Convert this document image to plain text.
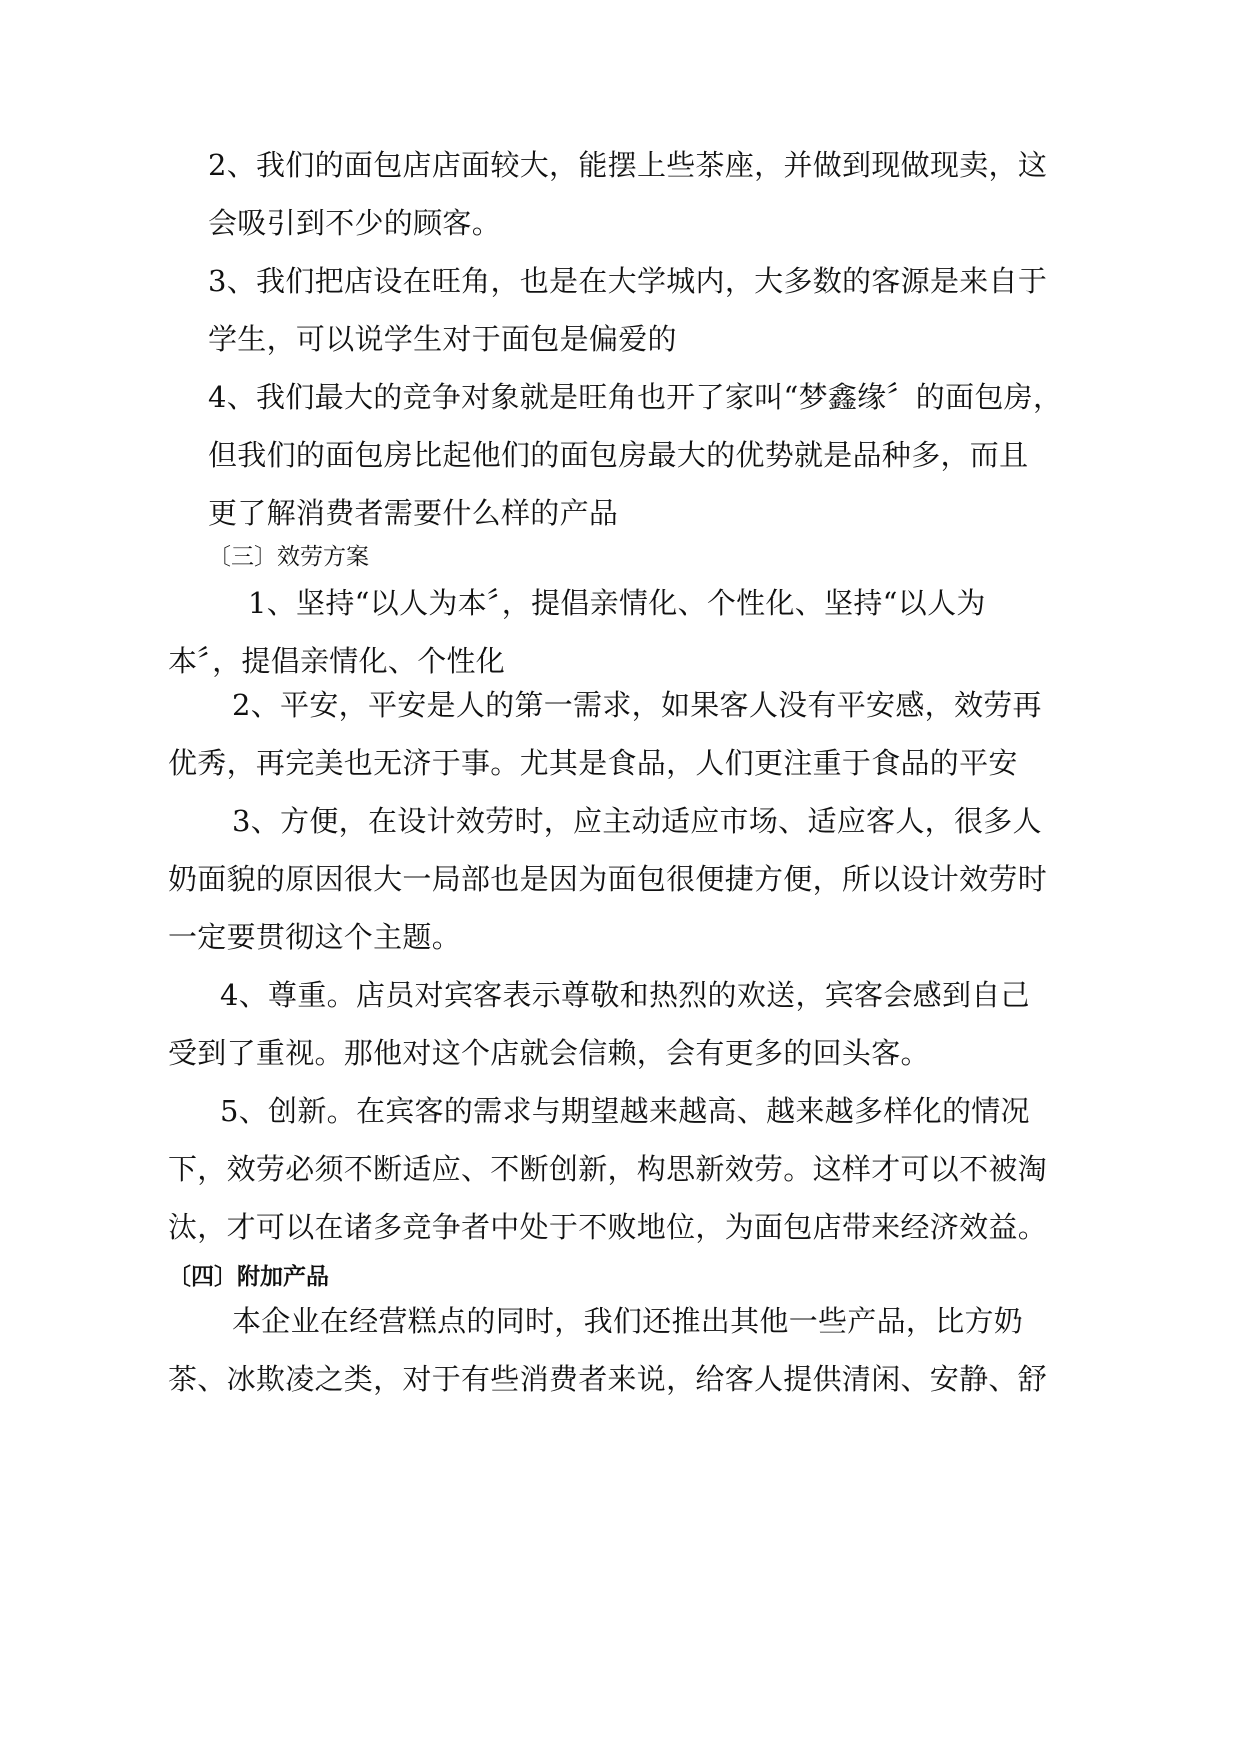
2、我们的面包店店面较大，能摆上些茶座，并做到现做现卖，这
会吸引到不少的顾客。
3、我们把店设在旺角，也是在大学城内，大多数的客源是来自于
学生，可以说学生对于面包是偏爱的
4、我们最大的竞争对象就是旺角也开了家叫“梦鑫缘〞的面包房，
但我们的面包房比起他们的面包房最大的优势就是品种多，而且
更了解消费者需要什么样的产品
〔三〕效劳方案
1、坚持“以人为本〞，提倡亲情化、个性化、坚持“以人为
本〞，提倡亲情化、个性化
2、平安，平安是人的第一需求，如果客人没有平安感，效劳再
优秀，再完美也无济于事。尤其是食品，人们更注重于食品的平安
3、方便，在设计效劳时，应主动适应市场、适应客人，很多人
奶面貌的原因很大一局部也是因为面包很便捷方便，所以设计效劳时
一定要贯彻这个主题。
4、尊重。店员对宾客表示尊敬和热烈的欢送，宾客会感到自己
受到了重视。那他对这个店就会信赖，会有更多的回头客。
5、创新。在宾客的需求与期望越来越高、越来越多样化的情况
下，效劳必须不断适应、不断创新，构思新效劳。这样才可以不被淘
汰，才可以在诸多竞争者中处于不败地位，为面包店带来经济效益。
〔四〕附加产品
本企业在经营糕点的同时，我们还推出其他一些产品，比方奶
茶、冰欺凌之类，对于有些消费者来说，给客人提供清闲、安静、舒
